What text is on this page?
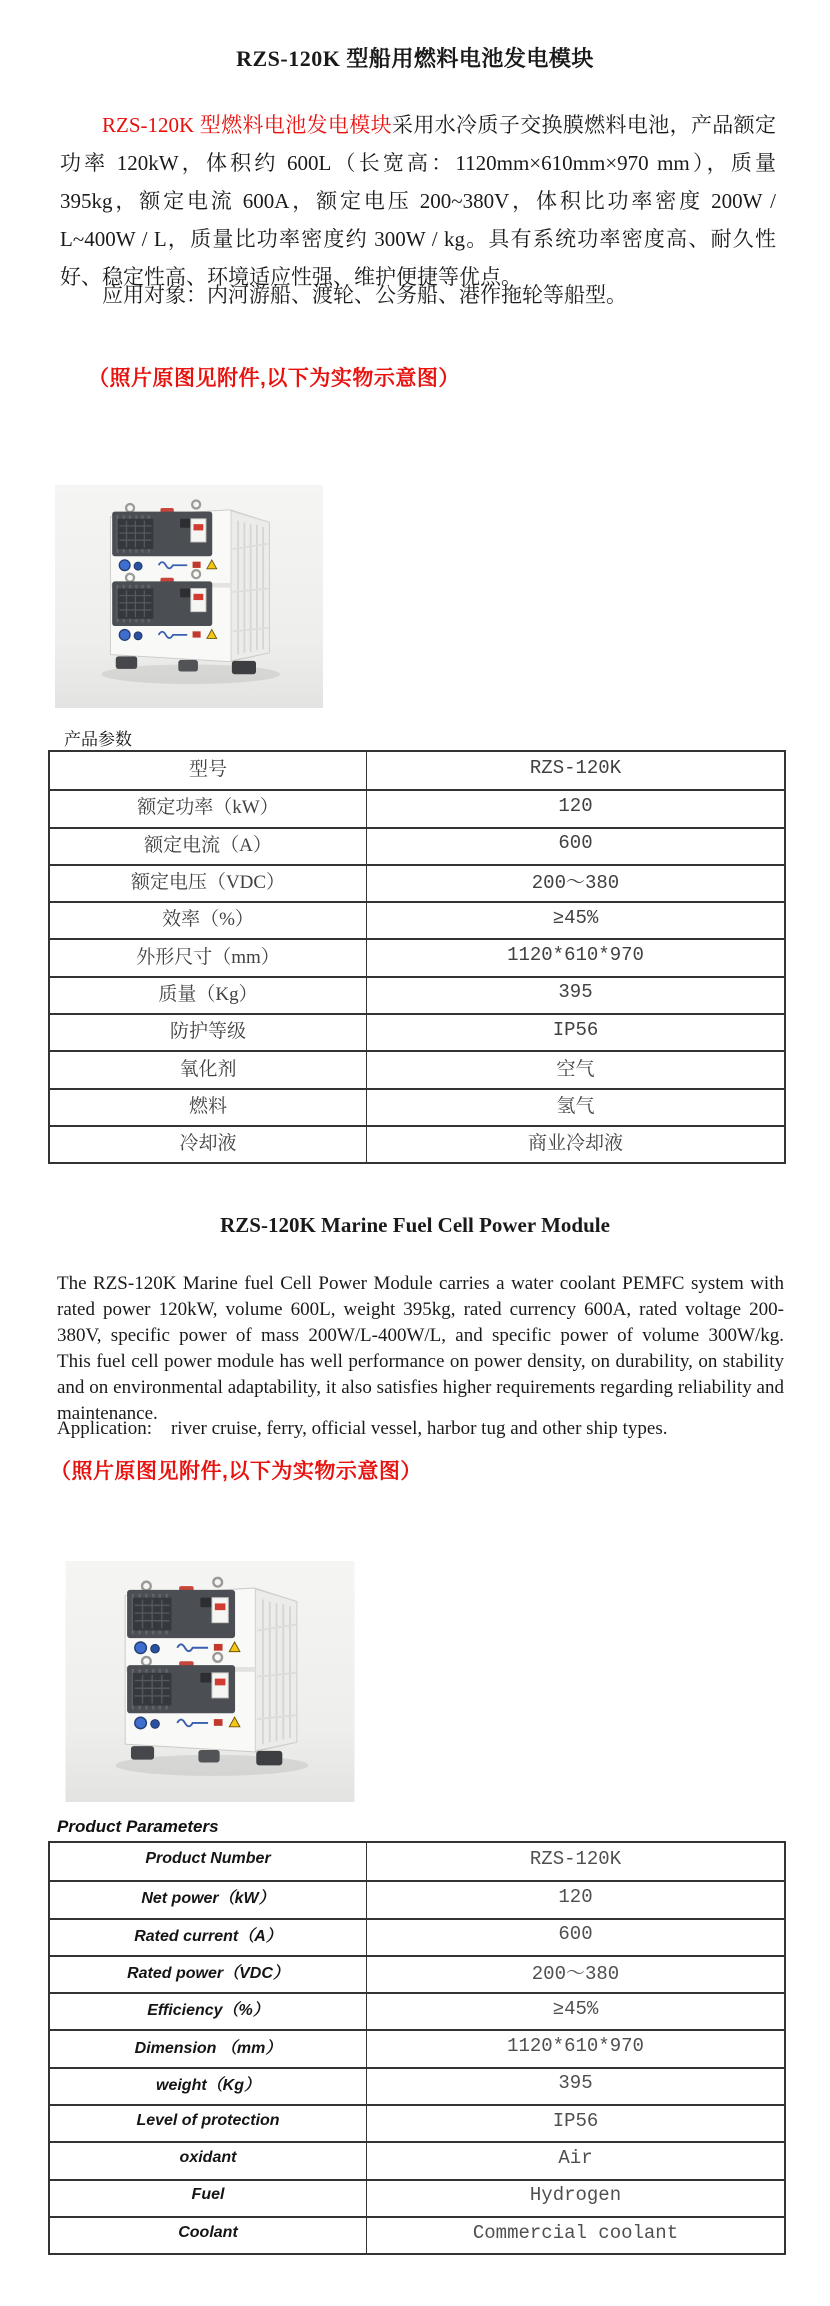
RZS-120K 型船用燃料电池发电模块

RZS-120K 型燃料电池发电模块采用水冷质子交换膜燃料电池，产品额定功率 120kW，体积约 600L（长宽高：1120mm×610mm×970 mm），质量 395kg，额定电流 600A，额定电压 200~380V，体积比功率密度 200W / L~400W / L，质量比功率密度约 300W / kg。具有系统功率密度高、耐久性好、稳定性高、环境适应性强、维护便捷等优点。

应用对象：内河游船、渡轮、公务船、港作拖轮等船型。
（照片原图见附件,以下为实物示意图）
产品参数
型号	RZS-120K
额定功率（kW）	120
额定电流（A）	600
额定电压（VDC）	200～380
效率（%）	≥45%
外形尺寸（mm）	1120*610*970
质量（Kg）	395
防护等级	IP56
氧化剂	空气
燃料	氢气
冷却液	商业冷却液
RZS-120K Marine Fuel Cell Power Module

The RZS-120K Marine fuel Cell Power Module carries a water coolant PEMFC system with rated power 120kW, volume 600L, weight 395kg, rated currency 600A, rated voltage 200-380V, specific power of mass 200W/L-400W/L, and specific power of volume 300W/kg.      This fuel cell power module has well performance on power density, on durability, on stability and on environmental adaptability, it also satisfies higher requirements regarding reliability and maintenance.

Application:    river cruise, ferry, official vessel, harbor tug and other ship types.
（照片原图见附件,以下为实物示意图）
Product Parameters
Product Number	RZS-120K
Net power（kW）	120
Rated current（A）	600
Rated power（VDC）	200～380
Efficiency（%）	≥45%
Dimension （mm）	1120*610*970
weight（Kg）	395
Level of protection	IP56
oxidant	Air
Fuel	Hydrogen
Coolant	Commercial coolant
